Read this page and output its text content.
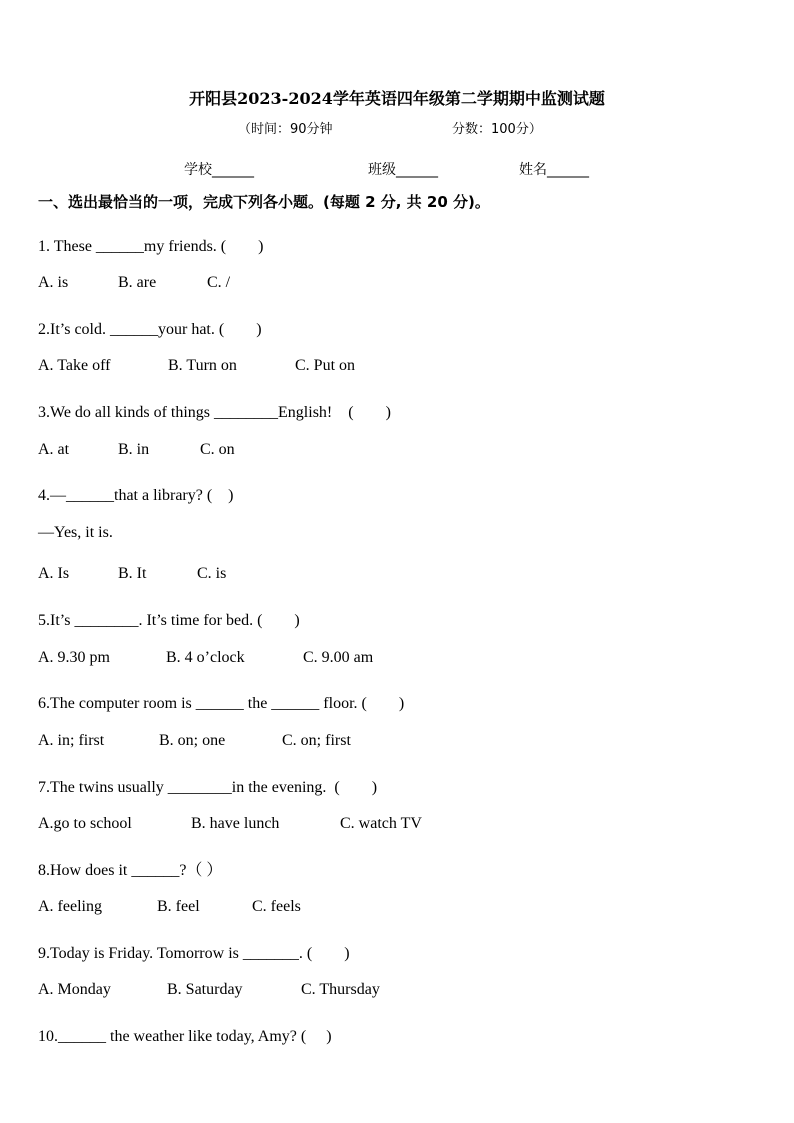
开阳县2023-2024学年英语四年级第二学期期中监测试题
（时间：90分钟	分数：100分）
学校______	班级______	姓名______
一、选出最恰当的一项，完成下列各小题。(每题 2 分, 共 20 分)。
1. These ______my friends. (　　)
A. is	B. are	C. /
2.It’s cold. ______your hat. (　　)
A. Take off	B. Turn on	C. Put on
3.We do all kinds of things ________English!　(　　)
A. at	B. in	C. on
4.—______that a library? (　)
—Yes, it is.
A. Is	B. It	C. is
5.It’s ________. It’s time for bed. (　　)
A. 9.30 pm	B. 4 o’clock	C. 9.00 am
6.The computer room is ______ the ______ floor. (　　)
A. in; first	B. on; one	C. on; first
7.The twins usually ________in the evening.  (　　)
A.go to school	B. have lunch	C. watch TV
8.How does it ______?（ ）
A. feeling	B. feel	C. feels
9.Today is Friday. Tomorrow is _______. (　　)
A. Monday	B. Saturday	C. Thursday
10.______ the weather like today, Amy? (　 )
